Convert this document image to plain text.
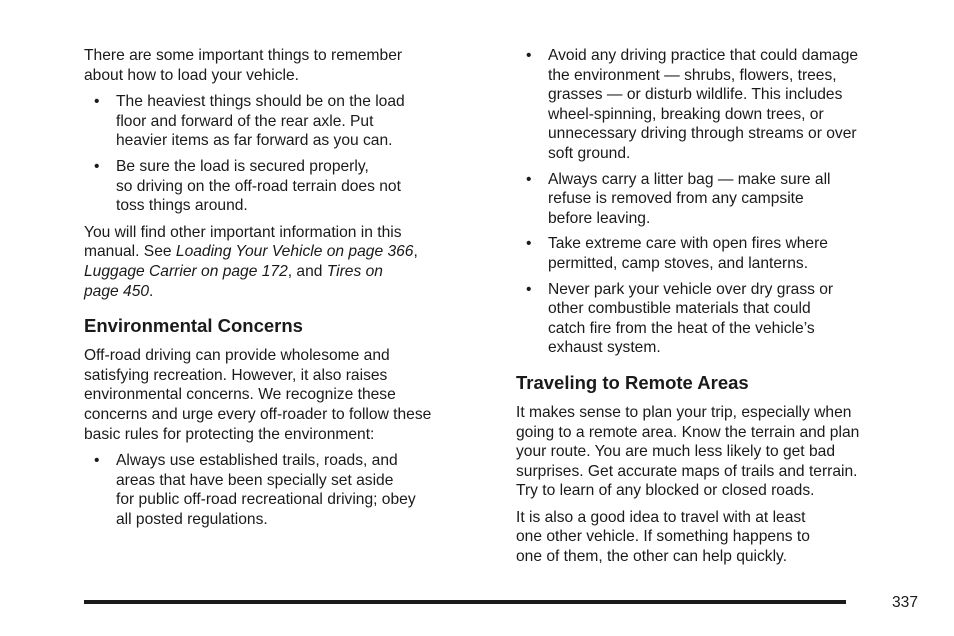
There are some important things to remember
about how to load your vehicle.

• The heaviest things should be on the load
floor and forward of the rear axle. Put
heavier items as far forward as you can.
• Be sure the load is secured properly,
so driving on the off-road terrain does not
toss things around.

You will find other important information in this
manual. See Loading Your Vehicle on page 366,
Luggage Carrier on page 172, and Tires on
page 450.

Environmental Concerns

Off-road driving can provide wholesome and
satisfying recreation. However, it also raises
environmental concerns. We recognize these
concerns and urge every off-roader to follow these
basic rules for protecting the environment:

• Always use established trails, roads, and
areas that have been specially set aside
for public off-road recreational driving; obey
all posted regulations.
• Avoid any driving practice that could damage
the environment — shrubs, flowers, trees,
grasses — or disturb wildlife. This includes
wheel-spinning, breaking down trees, or
unnecessary driving through streams or over
soft ground.
• Always carry a litter bag — make sure all
refuse is removed from any campsite
before leaving.
• Take extreme care with open fires where
permitted, camp stoves, and lanterns.
• Never park your vehicle over dry grass or
other combustible materials that could
catch fire from the heat of the vehicle’s
exhaust system.
Traveling to Remote Areas

It makes sense to plan your trip, especially when
going to a remote area. Know the terrain and plan
your route. You are much less likely to get bad
surprises. Get accurate maps of trails and terrain.
Try to learn of any blocked or closed roads.

It is also a good idea to travel with at least
one other vehicle. If something happens to
one of them, the other can help quickly.

337
